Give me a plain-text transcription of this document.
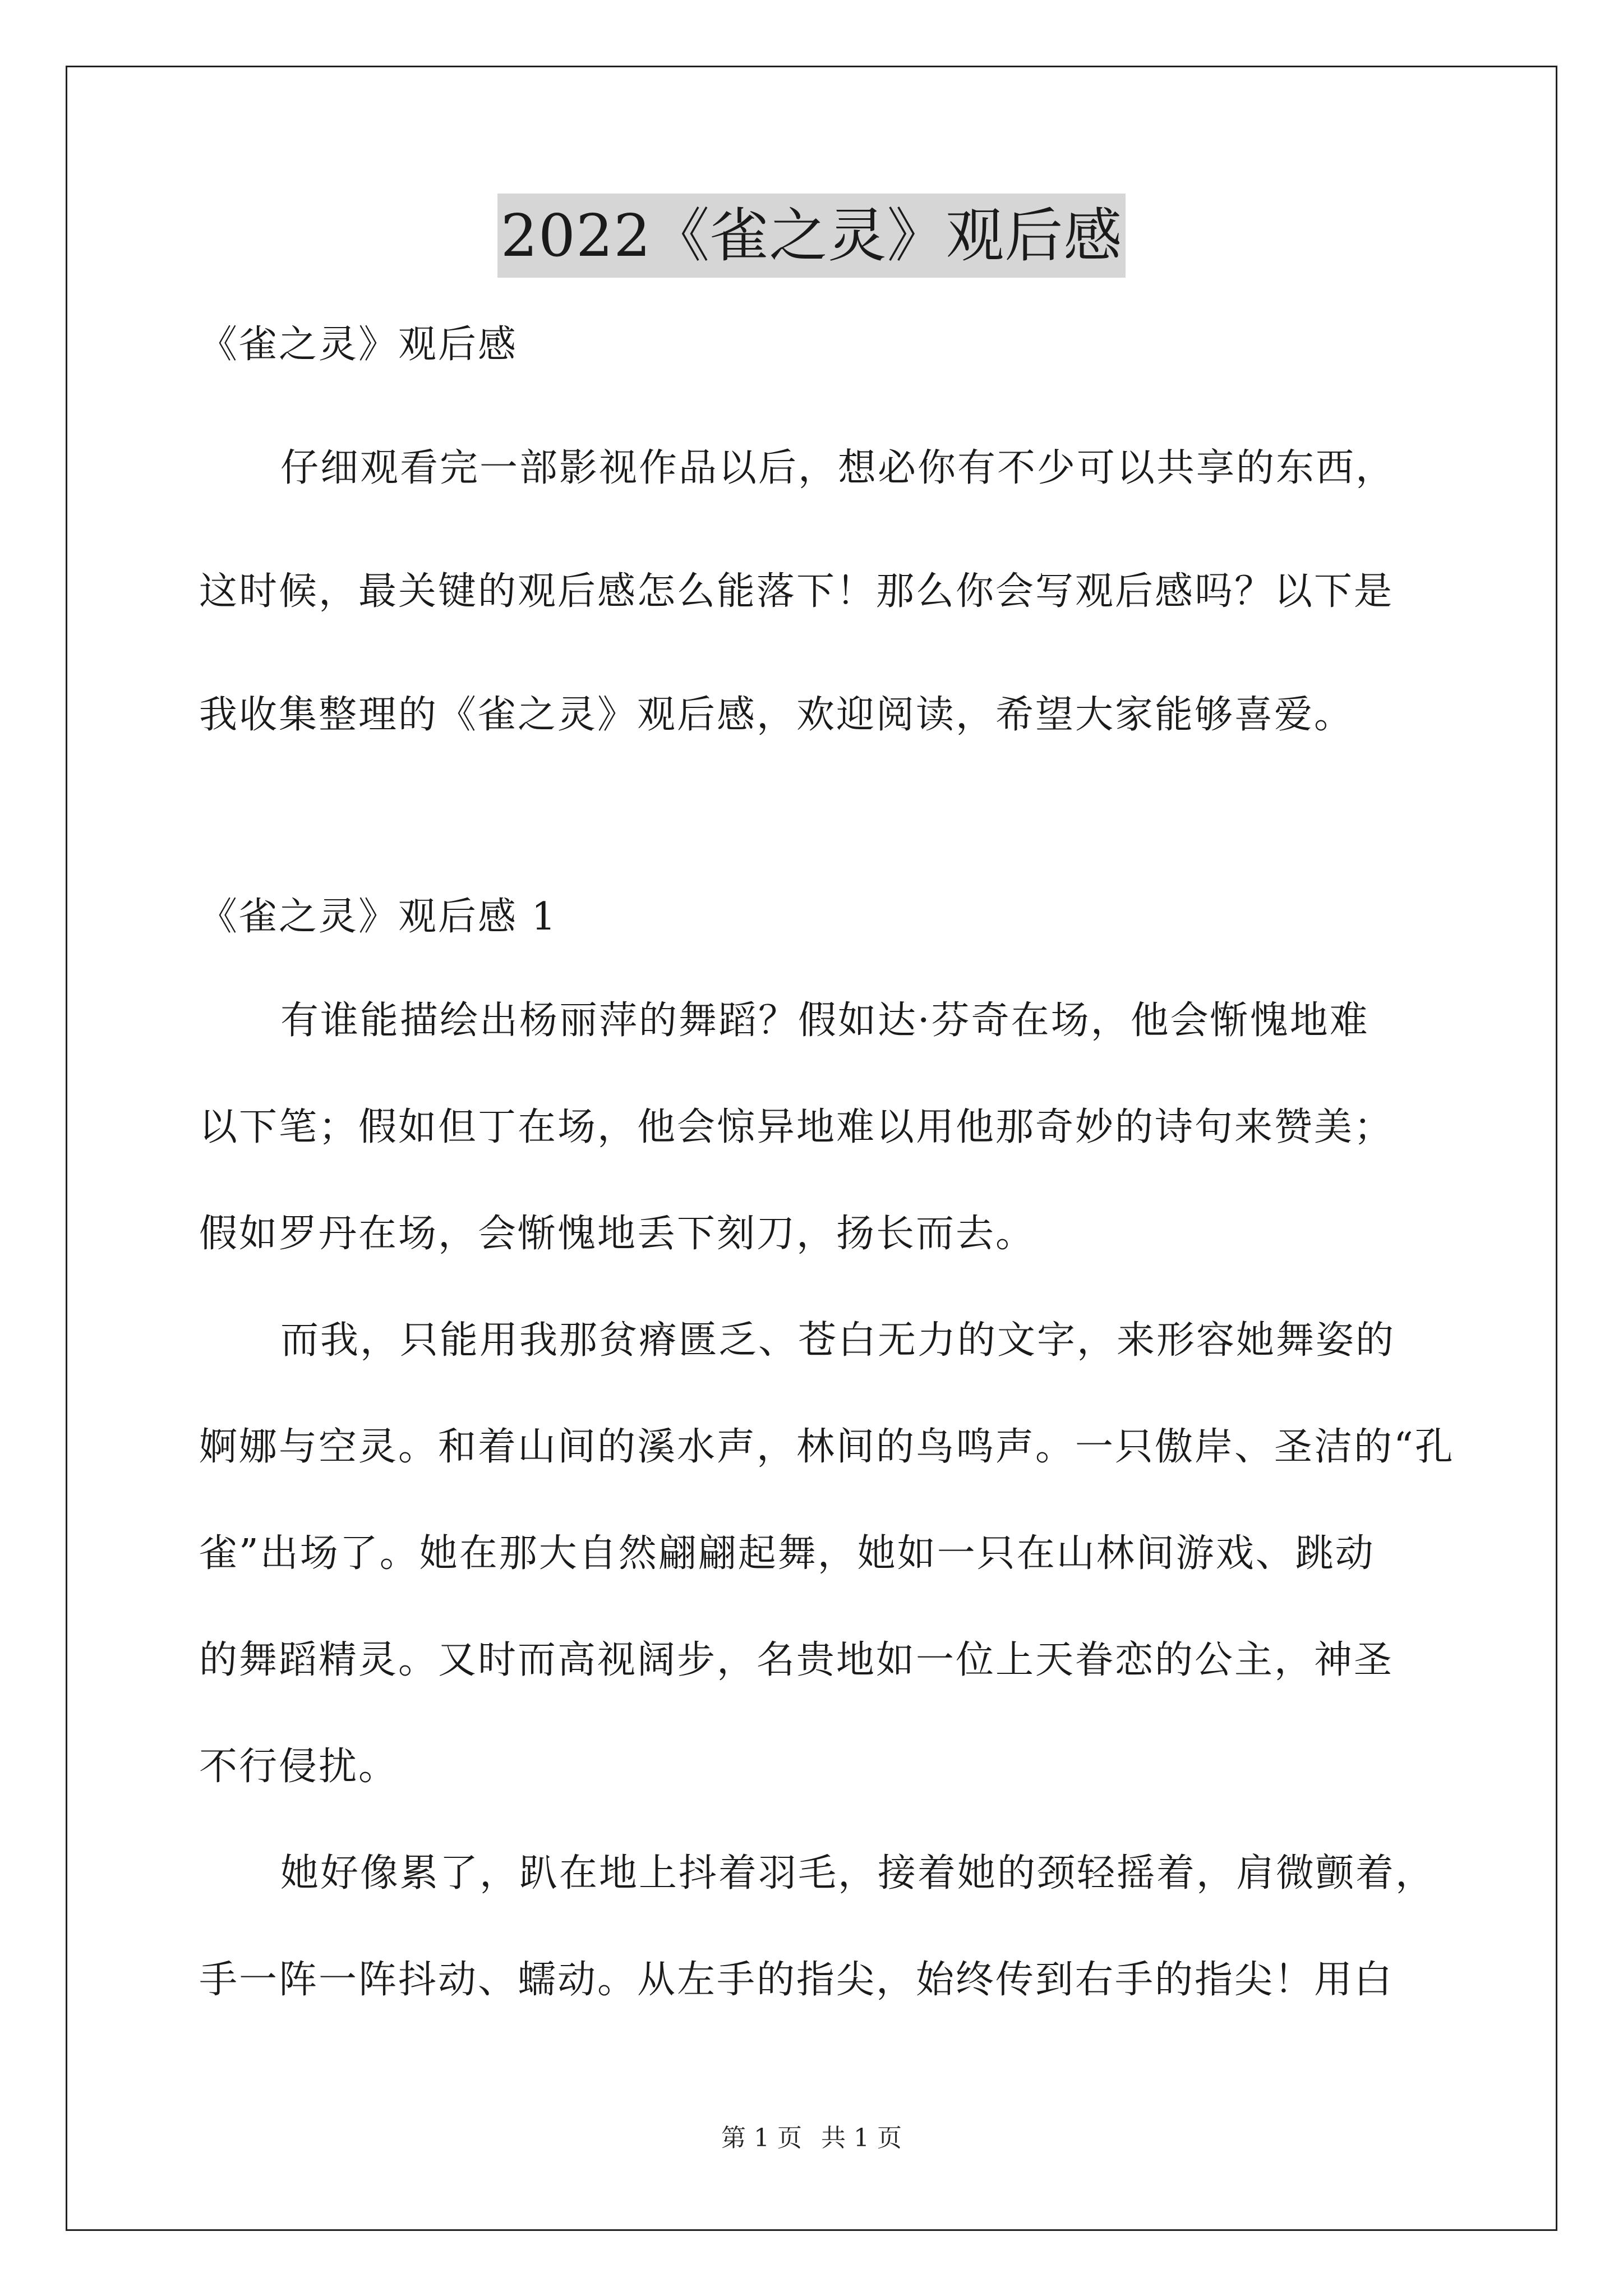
2022《雀之灵》观后感
《雀之灵》观后感
仔细观看完一部影视作品以后，想必你有不少可以共享的东西，
这时候，最关键的观后感怎么能落下！那么你会写观后感吗？以下是
我收集整理的《雀之灵》观后感，欢迎阅读，希望大家能够喜爱。
《雀之灵》观后感 1
有谁能描绘出杨丽萍的舞蹈？假如达·芬奇在场，他会惭愧地难
以下笔；假如但丁在场，他会惊异地难以用他那奇妙的诗句来赞美；
假如罗丹在场，会惭愧地丢下刻刀，扬长而去。
而我，只能用我那贫瘠匮乏、苍白无力的文字，来形容她舞姿的
婀娜与空灵。和着山间的溪水声，林间的鸟鸣声。一只傲岸、圣洁的“孔
雀”出场了。她在那大自然翩翩起舞，她如一只在山林间游戏、跳动
的舞蹈精灵。又时而高视阔步，名贵地如一位上天眷恋的公主，神圣
不行侵扰。
她好像累了，趴在地上抖着羽毛，接着她的颈轻摇着，肩微颤着，
手一阵一阵抖动、蠕动。从左手的指尖，始终传到右手的指尖！用白
第 1 页 共 1 页
